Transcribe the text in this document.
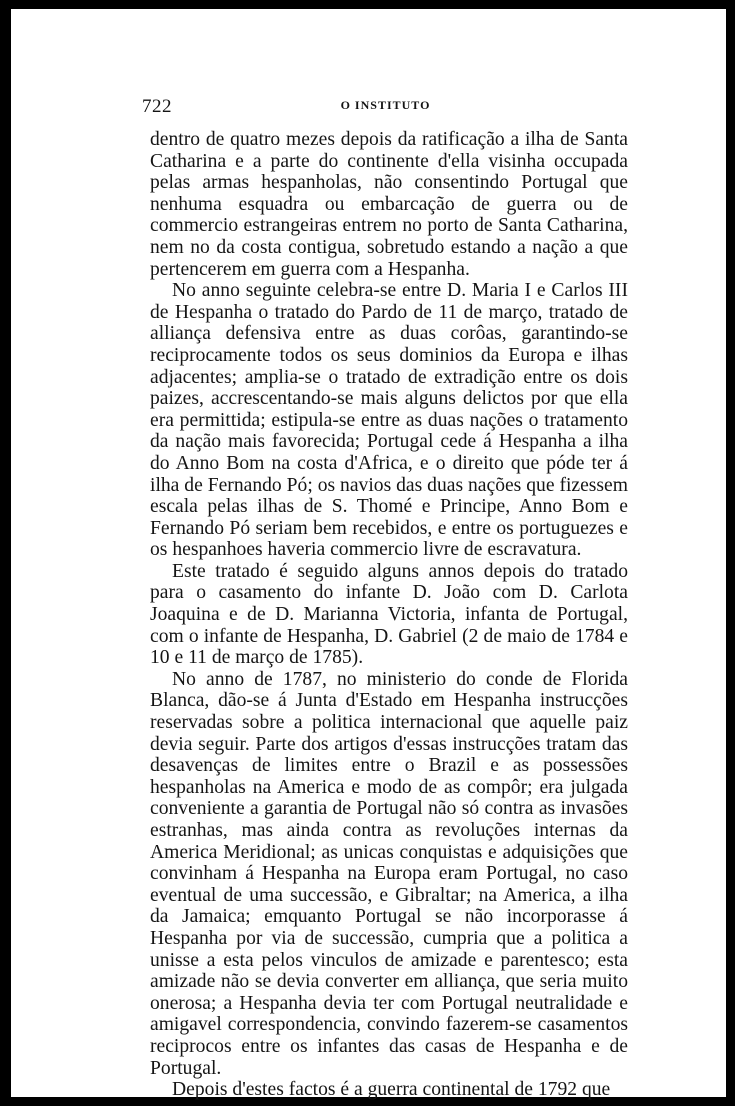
722	O INSTITUTO

dentro de quatro mezes depois da ratificação a ilha de Santa Catharina e a parte do continente d'ella visinha occupada pelas armas hespanholas, não consentindo Portugal que nenhuma esquadra ou embarcação de guerra ou de commercio estrangeiras entrem no porto de Santa Catharina, nem no da costa contigua, sobretudo estando a nação a que pertencerem em guerra com a Hespanha.

No anno seguinte celebra-se entre D. Maria I e Carlos III de Hespanha o tratado do Pardo de 11 de março, tratado de alliança defensiva entre as duas corôas, garantindo-se reciprocamente todos os seus dominios da Europa e ilhas adjacentes; amplia-se o tratado de extradição entre os dois paizes, accrescentando-se mais alguns delictos por que ella era permittida; estipula-se entre as duas nações o tratamento da nação mais favorecida; Portugal cede á Hespanha a ilha do Anno Bom na costa d'Africa, e o direito que póde ter á ilha de Fernando Pó; os navios das duas nações que fizessem escala pelas ilhas de S. Thomé e Principe, Anno Bom e Fernando Pó seriam bem recebidos, e entre os portuguezes e os hespanhoes haveria commercio livre de escravatura.

Este tratado é seguido alguns annos depois do tratado para o casamento do infante D. João com D. Carlota Joaquina e de D. Marianna Victoria, infanta de Portugal, com o infante de Hespanha, D. Gabriel (2 de maio de 1784 e 10 e 11 de março de 1785).

No anno de 1787, no ministerio do conde de Florida Blanca, dão-se á Junta d'Estado em Hespanha instrucções reservadas sobre a politica internacional que aquelle paiz devia seguir. Parte dos artigos d'essas instrucções tratam das desavenças de limites entre o Brazil e as possessões hespanholas na America e modo de as compôr; era julgada conveniente a garantia de Portugal não só contra as invasões estranhas, mas ainda contra as revoluções internas da America Meridional; as unicas conquistas e adquisições que convinham á Hespanha na Europa eram Portugal, no caso eventual de uma successão, e Gibraltar; na America, a ilha da Jamaica; emquanto Portugal se não incorporasse á Hespanha por via de successão, cumpria que a politica a unisse a esta pelos vinculos de amizade e parentesco; esta amizade não se devia converter em alliança, que seria muito onerosa; a Hespanha devia ter com Portugal neutralidade e amigavel correspondencia, convindo fazerem-se casamentos reciprocos entre os infantes das casas de Hespanha e de Portugal.

Depois d'estes factos é a guerra continental de 1792 que
